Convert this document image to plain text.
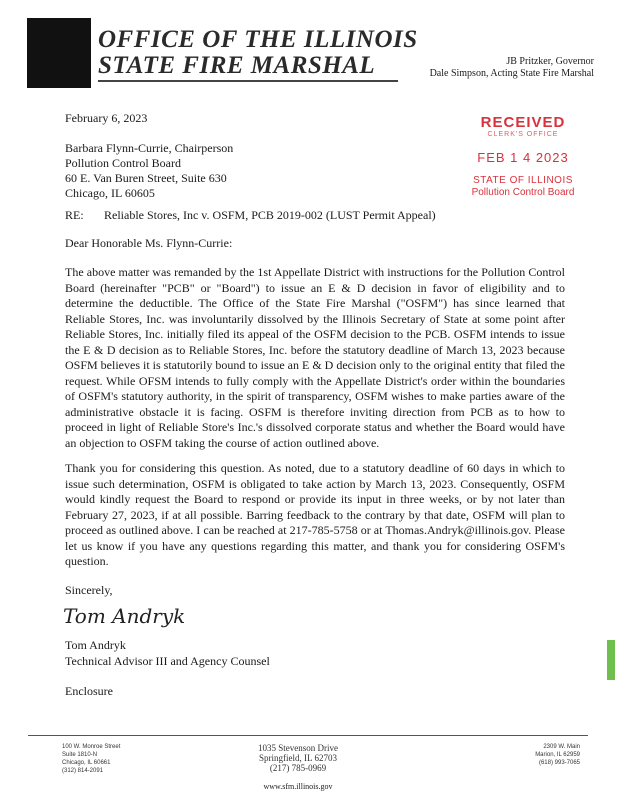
OFFICE OF THE ILLINOIS
STATE FIRE MARSHAL	JB Pritzker, Governor
Dale Simpson, Acting State Fire Marshal
February 6, 2023
Barbara Flynn-Currie, Chairperson
Pollution Control Board
60 E. Van Buren Street, Suite 630
Chicago, IL 60605
RECEIVED
CLERK'S OFFICE
FEB 1 4 2023
STATE OF ILLINOIS
Pollution Control Board
RE: Reliable Stores, Inc v. OSFM, PCB 2019-002 (LUST Permit Appeal)
Dear Honorable Ms. Flynn-Currie:
The above matter was remanded by the 1st Appellate District with instructions for the Pollution Control Board (hereinafter "PCB" or "Board") to issue an E & D decision in favor of eligibility and to determine the deductible. The Office of the State Fire Marshal ("OSFM") has since learned that Reliable Stores, Inc. was involuntarily dissolved by the Illinois Secretary of State at some point after Reliable Stores, Inc. initially filed its appeal of the OSFM decision to the PCB. OSFM intends to issue the E & D decision as to Reliable Stores, Inc. before the statutory deadline of March 13, 2023 because OSFM believes it is statutorily bound to issue an E & D decision only to the original entity that filed the request. While OFSM intends to fully comply with the Appellate District's order within the boundaries of OSFM's statutory authority, in the spirit of transparency, OSFM wishes to make parties aware of the administrative obstacle it is facing. OSFM is therefore inviting direction from PCB as to how to proceed in light of Reliable Store's Inc.'s dissolved corporate status and whether the Board would have an objection to OSFM taking the course of action outlined above.
Thank you for considering this question. As noted, due to a statutory deadline of 60 days in which to issue such determination, OSFM is obligated to take action by March 13, 2023. Consequently, OSFM would kindly request the Board to respond or provide its input in three weeks, or by not later than February 27, 2023, if at all possible. Barring feedback to the contrary by that date, OSFM will plan to proceed as outlined above. I can be reached at 217-785-5758 or at Thomas.Andryk@illinois.gov. Please let us know if you have any questions regarding this matter, and thank you for considering OSFM's question.
Sincerely,
Tom Andryk
Tom Andryk
Technical Advisor III and Agency Counsel
Enclosure
100 W. Monroe Street
Suite 1810-N
Chicago, IL 60661
(312) 814-2091
1035 Stevenson Drive
Springfield, IL 62703
(217) 785-0969
2309 W. Main
Marion, IL 62959
(618) 993-7065
www.sfm.illinois.gov
